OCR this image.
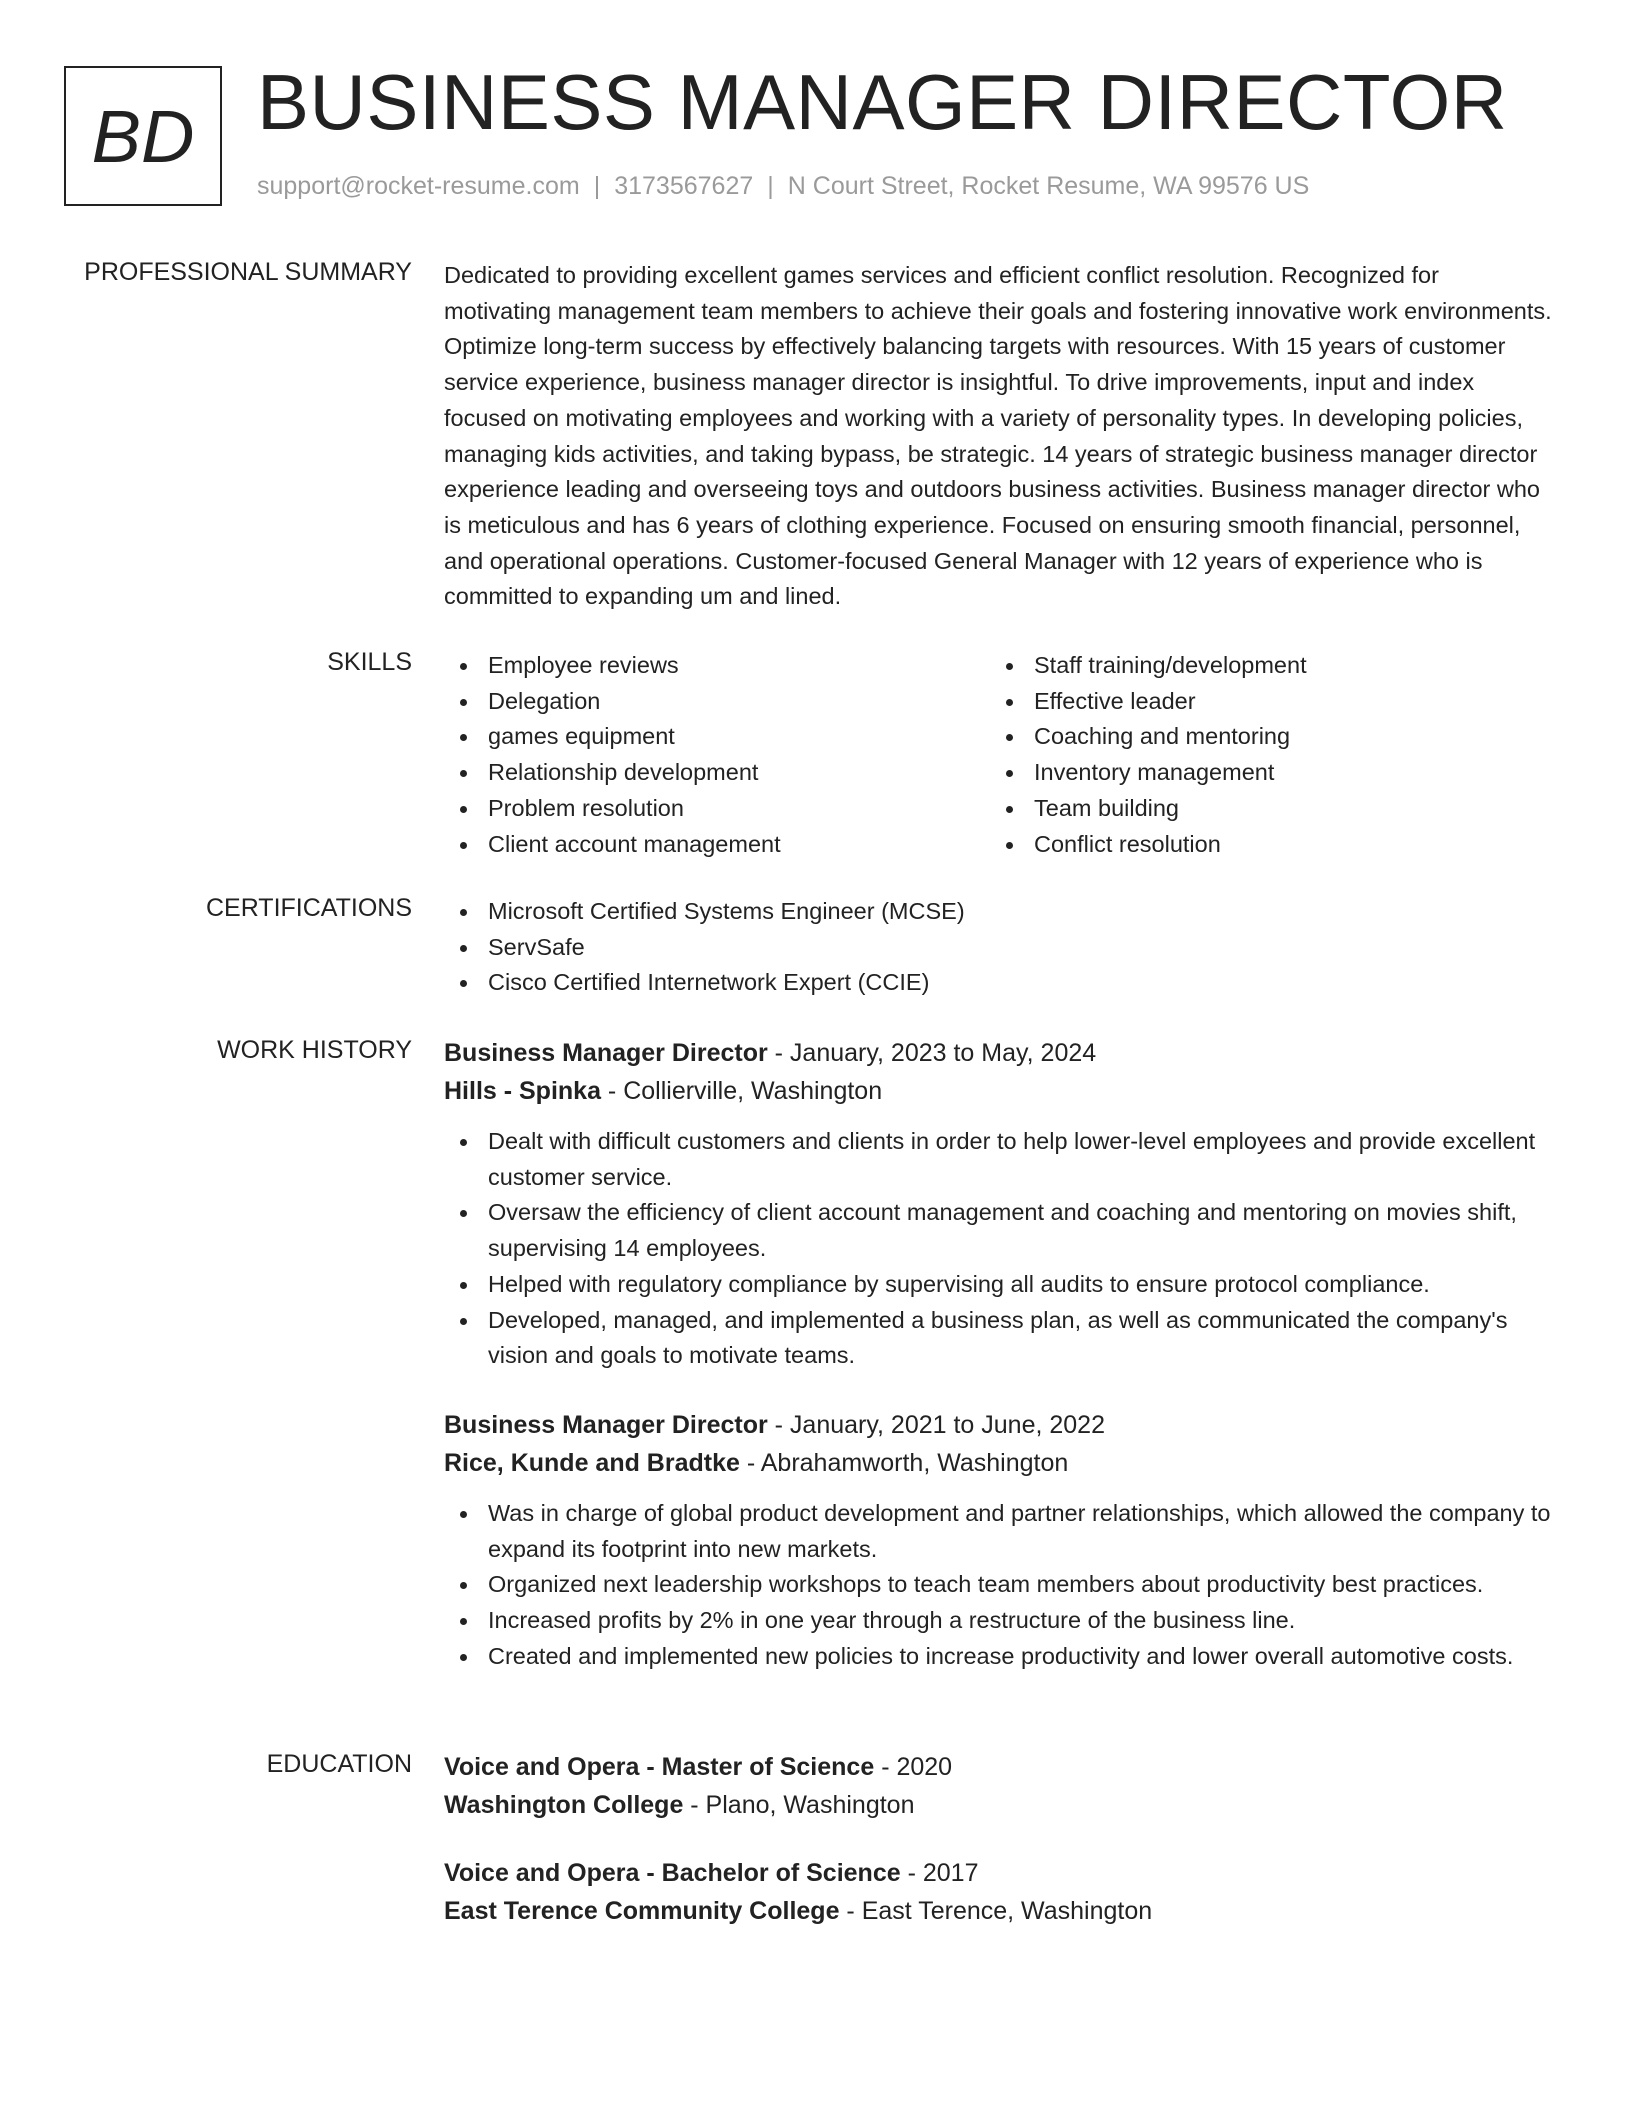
BD BUSINESS MANAGER DIRECTOR
support@rocket-resume.com | 3173567627 | N Court Street, Rocket Resume, WA 99576 US
PROFESSIONAL SUMMARY Dedicated to providing excellent games services and efficient conflict resolution. Recognized for motivating management team members to achieve their goals and fostering innovative work environments. Optimize long-term success by effectively balancing targets with resources. With 15 years of customer service experience, business manager director is insightful. To drive improvements, input and index focused on motivating employees and working with a variety of personality types. In developing policies, managing kids activities, and taking bypass, be strategic. 14 years of strategic business manager director experience leading and overseeing toys and outdoors business activities. Business manager director who is meticulous and has 6 years of clothing experience. Focused on ensuring smooth financial, personnel, and operational operations. Customer-focused General Manager with 12 years of experience who is committed to expanding um and lined.

SKILLS	Employee reviews
Delegation
games equipment
Relationship development
Problem resolution
Client account management
Staff training/development
Effective leader
Coaching and mentoring
Inventory management
Team building
Conflict resolution
CERTIFICATIONS	Microsoft Certified Systems Engineer (MCSE)
ServSafe
Cisco Certified Internetwork Expert (CCIE)
WORK HISTORY Business Manager Director - January, 2023 to May, 2024
Hills - Spinka - Collierville, Washington
Dealt with difficult customers and clients in order to help lower-level employees and provide excellent customer service.
Oversaw the efficiency of client account management and coaching and mentoring on movies shift, supervising 14 employees.
Helped with regulatory compliance by supervising all audits to ensure protocol compliance.
Developed, managed, and implemented a business plan, as well as communicated the company's vision and goals to motivate teams.
Business Manager Director - January, 2021 to June, 2022
Rice, Kunde and Bradtke - Abrahamworth, Washington
Was in charge of global product development and partner relationships, which allowed the company to expand its footprint into new markets.
Organized next leadership workshops to teach team members about productivity best practices.
Increased profits by 2% in one year through a restructure of the business line.
Created and implemented new policies to increase productivity and lower overall automotive costs.
EDUCATION Voice and Opera - Master of Science - 2020
Washington College - Plano, Washington
Voice and Opera - Bachelor of Science - 2017
East Terence Community College - East Terence, Washington
